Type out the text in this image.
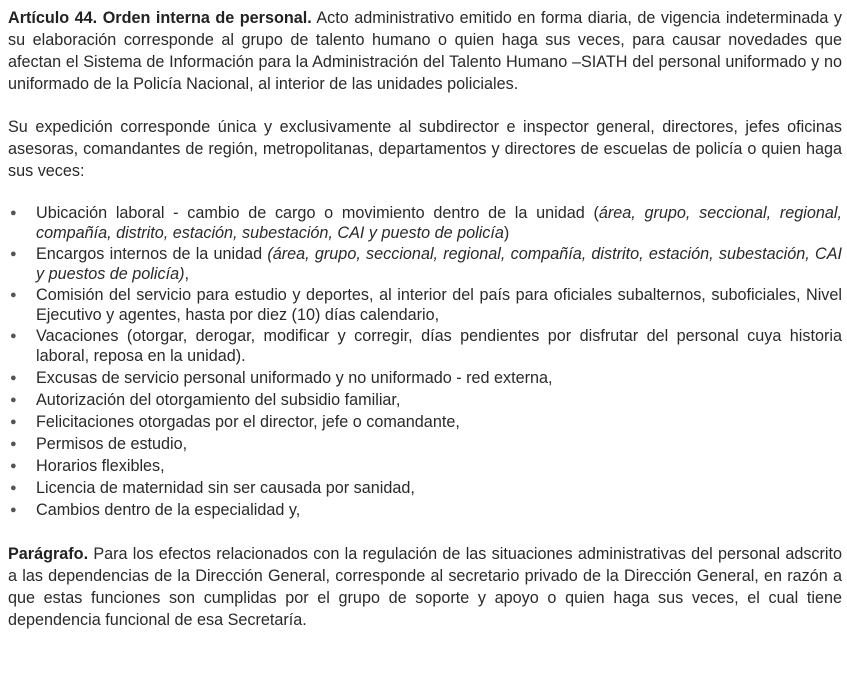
Artículo 44. Orden interna de personal. Acto administrativo emitido en forma diaria, de vigencia indeterminada y su elaboración corresponde al grupo de talento humano o quien haga sus veces, para causar novedades que afectan el Sistema de Información para la Administración del Talento Humano –SIATH del personal uniformado y no uniformado de la Policía Nacional, al interior de las unidades policiales.

Su expedición corresponde única y exclusivamente al subdirector e inspector general, directores, jefes oficinas asesoras, comandantes de región, metropolitanas, departamentos y directores de escuelas de policía o quien haga sus veces:

● Ubicación laboral - cambio de cargo o movimiento dentro de la unidad (área, grupo, seccional, regional, compañía, distrito, estación, subestación, CAI y puesto de policía)
● Encargos internos de la unidad (área, grupo, seccional, regional, compañía, distrito, estación, subestación, CAI y puestos de policía),
● Comisión del servicio para estudio y deportes, al interior del país para oficiales subalternos, suboficiales, Nivel Ejecutivo y agentes, hasta por diez (10) días calendario,
● Vacaciones (otorgar, derogar, modificar y corregir, días pendientes por disfrutar del personal cuya historia laboral, reposa en la unidad).
● Excusas de servicio personal uniformado y no uniformado - red externa,
● Autorización del otorgamiento del subsidio familiar,
● Felicitaciones otorgadas por el director, jefe o comandante,
● Permisos de estudio,
● Horarios flexibles,
● Licencia de maternidad sin ser causada por sanidad,
● Cambios dentro de la especialidad y,

Parágrafo. Para los efectos relacionados con la regulación de las situaciones administrativas del personal adscrito a las dependencias de la Dirección General, corresponde al secretario privado de la Dirección General, en razón a que estas funciones son cumplidas por el grupo de soporte y apoyo o quien haga sus veces, el cual tiene dependencia funcional de esa Secretaría.
